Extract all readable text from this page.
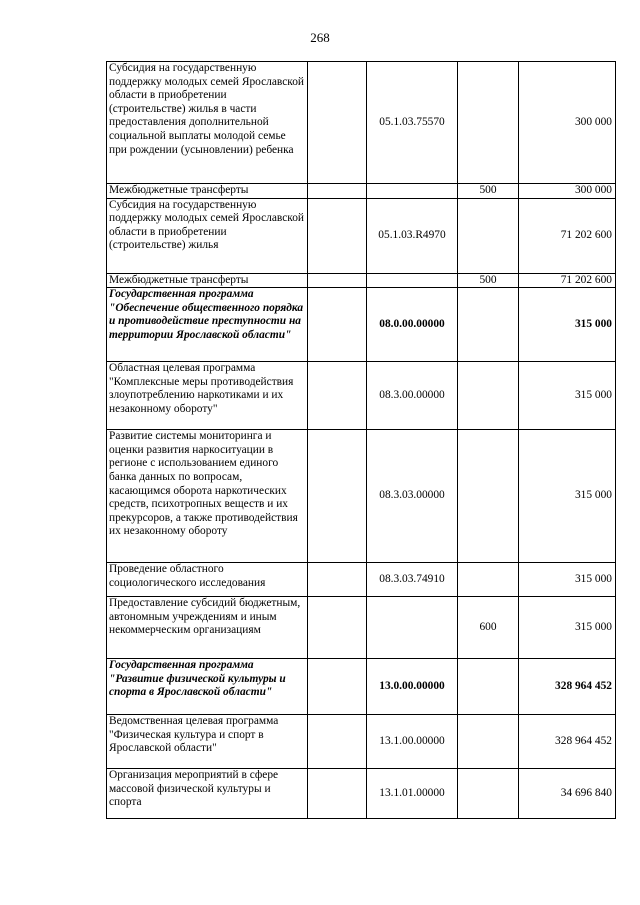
268
Субсидия на государственную поддержку молодых семей Ярославской области в приобретении (строительстве) жилья в части предоставления дополнительной социальной выплаты молодой семье при рождении (усыновлении) ребенка		05.1.03.75570		300 000
Межбюджетные трансферты			500	300 000
Субсидия на государственную поддержку молодых семей Ярославской области в приобретении (строительстве) жилья		05.1.03.R4970		71 202 600
Межбюджетные трансферты			500	71 202 600
Государственная программа "Обеспечение общественного порядка и противодействие преступности на территории Ярославской области"		08.0.00.00000		315 000
Областная целевая программа "Комплексные меры противодействия злоупотреблению наркотиками и их незаконному обороту"		08.3.00.00000		315 000
Развитие системы мониторинга и оценки развития наркоситуации в регионе с использованием единого банка данных по вопросам, касающимся оборота наркотических средств, психотропных веществ и их прекурсоров, а также противодействия их незаконному обороту		08.3.03.00000		315 000
Проведение областного социологического исследования		08.3.03.74910		315 000
Предоставление субсидий бюджетным, автономным учреждениям и иным некоммерческим организациям			600	315 000
Государственная программа "Развитие физической культуры и спорта в Ярославской области"		13.0.00.00000		328 964 452
Ведомственная целевая программа "Физическая культура и спорт в Ярославской области"		13.1.00.00000		328 964 452
Организация мероприятий в сфере массовой физической культуры и спорта		13.1.01.00000		34 696 840
